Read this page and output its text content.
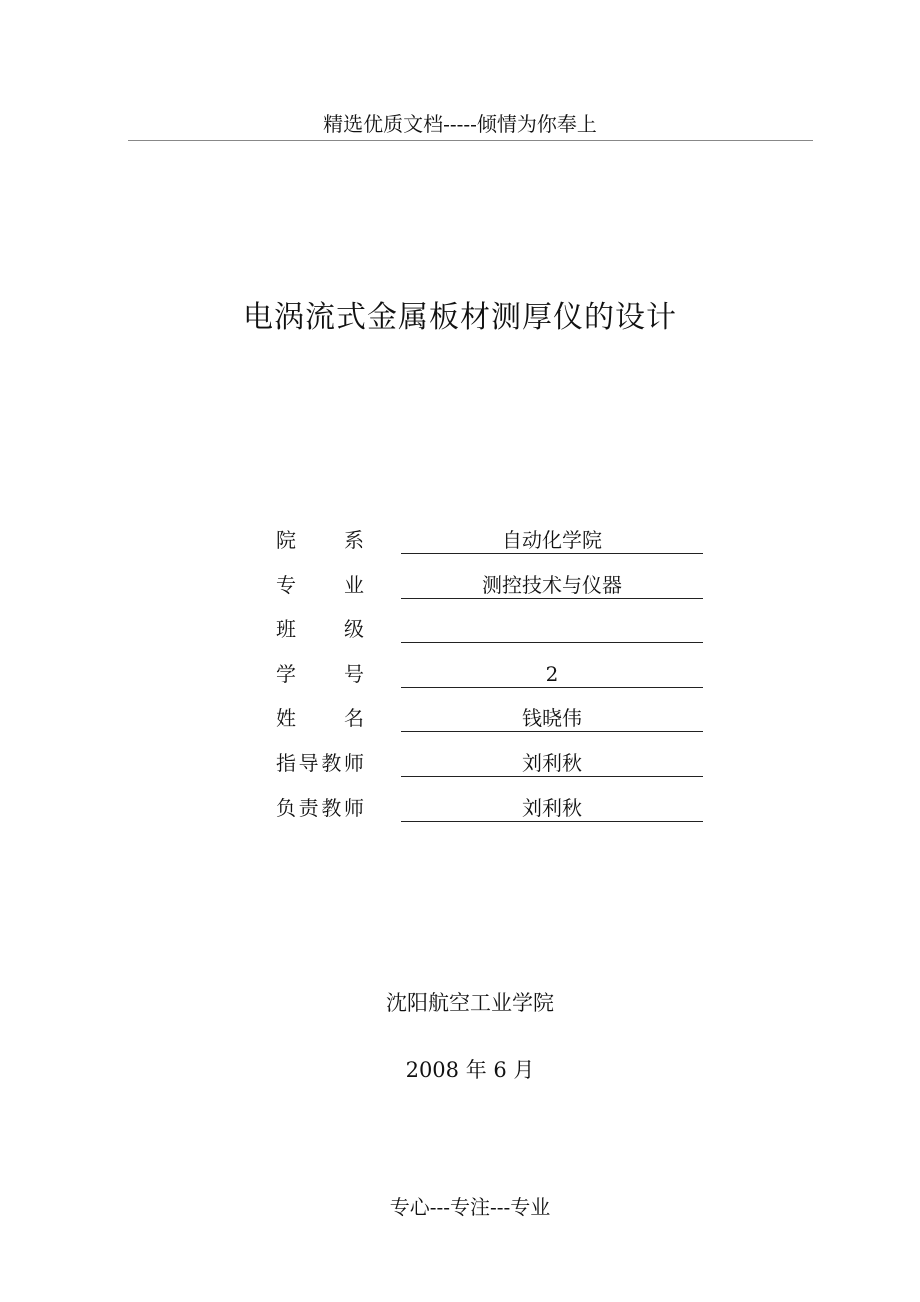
精选优质文档-----倾情为你奉上
电涡流式金属板材测厚仪的设计
院　系	自动化学院
专　业	测控技术与仪器
班　级
学　号	2
姓　名	钱晓伟
指导教师	刘利秋
负责教师	刘利秋
沈阳航空工业学院
2008 年 6 月
专心---专注---专业
